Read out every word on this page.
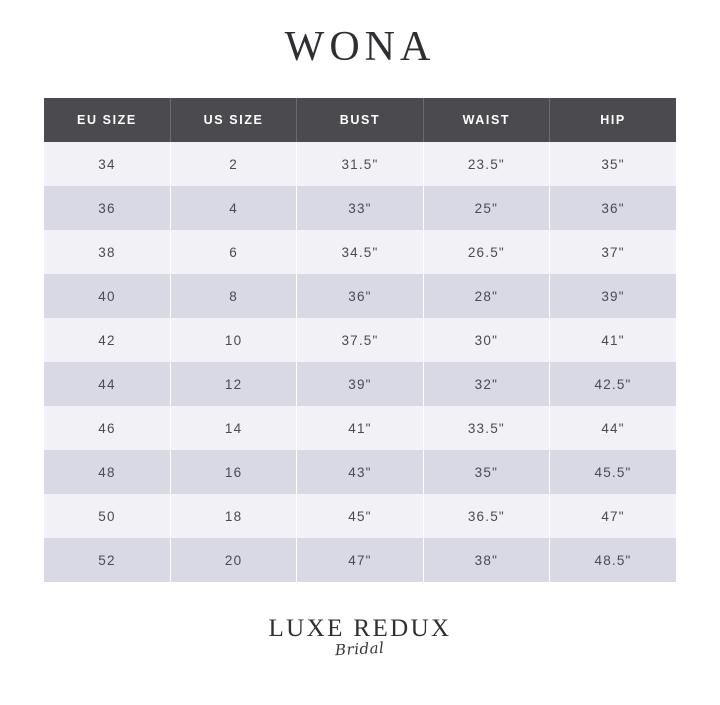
WONA
EU SIZE	US SIZE	BUST	WAIST	HIP
34	2	31.5"	23.5"	35"
36	4	33"	25"	36"
38	6	34.5"	26.5"	37"
40	8	36"	28"	39"
42	10	37.5"	30"	41"
44	12	39"	32"	42.5"
46	14	41"	33.5"	44"
48	16	43"	35"	45.5"
50	18	45"	36.5"	47"
52	20	47"	38"	48.5"
LUXE REDUX
Bridal
